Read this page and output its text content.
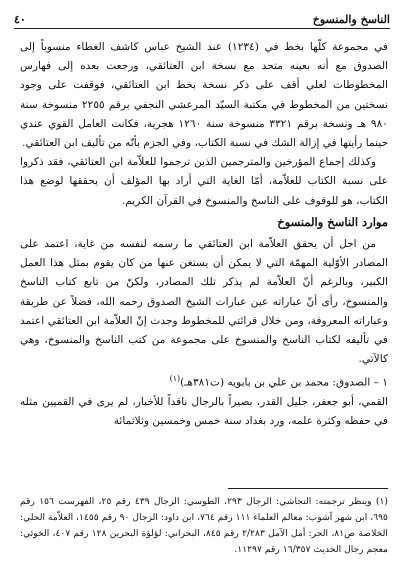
الناسخ والمنسوخ
٤٠

في مجموعة كلّها بخط في (١٢٣٤) عند الشيخ عباس كاشف الغطاء منسوباً إلى الصدوق مع أنه بعينه متحد مع نسخة ابن العتائقي، ورجعت بعده إلى فهارس المخطوطات لعلي أقف على ذكر نسخة بخط ابن العتائقي، فوقفت على وجود نسختين من المخطوط في مكتبة السيّد المرعشي النجفي برقم ٢٢٥٥ منسوخة سنة ٩٨٠ هـ ونسخة برقم ٣٣٢١ منسوخة سنة ١٢٦٠ هجرية، فكانت العامل القوي عندي حينما رأيتها في إزالة الشك في نسبة الكتاب، وفي الجزم بأنّه من تأليف ابن العتائقي.

وكذلك إجماع المؤرخين والمترجمين الذين ترجموا للعلاّمة ابن العتائقي، فقد ذكروا على نسبة الكتاب للعلاّمة، أمّا الغاية التي أراد بها المؤلف أن يحققها لوضع هذا الكتاب، هو للوقوف على الناسخ والمنسوخ في القرآن الكريم.

موارد الناسخ والمنسوخ

من اجل أن يحقق العلاّمة ابن العتائقي ما رسمه لنفسه من غاية، اعتمد على المصادر الأوّلية المهمّة التي لا يمكن أن يستغن عنها من كان يقوم بمثل هذا العمل الكبير، وبالرغم أنّ العلاّمة لم يذكر تلك المصادر، ولكنّ من تابع كتاب الناسخ والمنسوخ، رأى أنّ عباراته عين عبارات الشيخ الصدوق رحمه الله، فضلاً عن طريقة وعباراته المعروفة، ومن خلال قرائتي للمخطوط وجدت إنّ العلاّمة ابن العتائقي اعتمد في تأليفه لكتاب الناسخ والمنسوخ على مجموعة من كتب الناسخ والمنسوخ، وهي كالآتي.

١ – الصدوق: محمد بن علي بن بابويه (ت٣٨١هـ)$^{(١)}$

القمي، أبو جعفر، جليل القدر، بصيراً بالرجال ناقداً للأخبار، لم يرى في القميين مثله في حفظه وكثرة علمه، ورد بغداد سنة خمس وخمسين وثلاثمائة

(١) وينظر ترجمته: النجاشي: الرجال ٢٩٣، الطوسي: الرجال ٤٣٩ رقم ٢٥، الفهرست ١٥٦ رقم ٦٩٥، ابن شهر آشوب: معالم العلماء ١١١ رقم ٧٦٤، ابن داود: الرجال ٩٠ رقم ١٤٥٥، العلاّمة الحلي: الخلاصة ص٨١، الحر: أمل الآمل ٢/٢٨٣ رقم ٨٤٥، البحراني: لؤلؤة البحرين ١٢٨ رقم ٤٠٧، الخوئي: معجم رجال الحديث ١٦/٣٥٧ رقم ١١٢٩٧.
